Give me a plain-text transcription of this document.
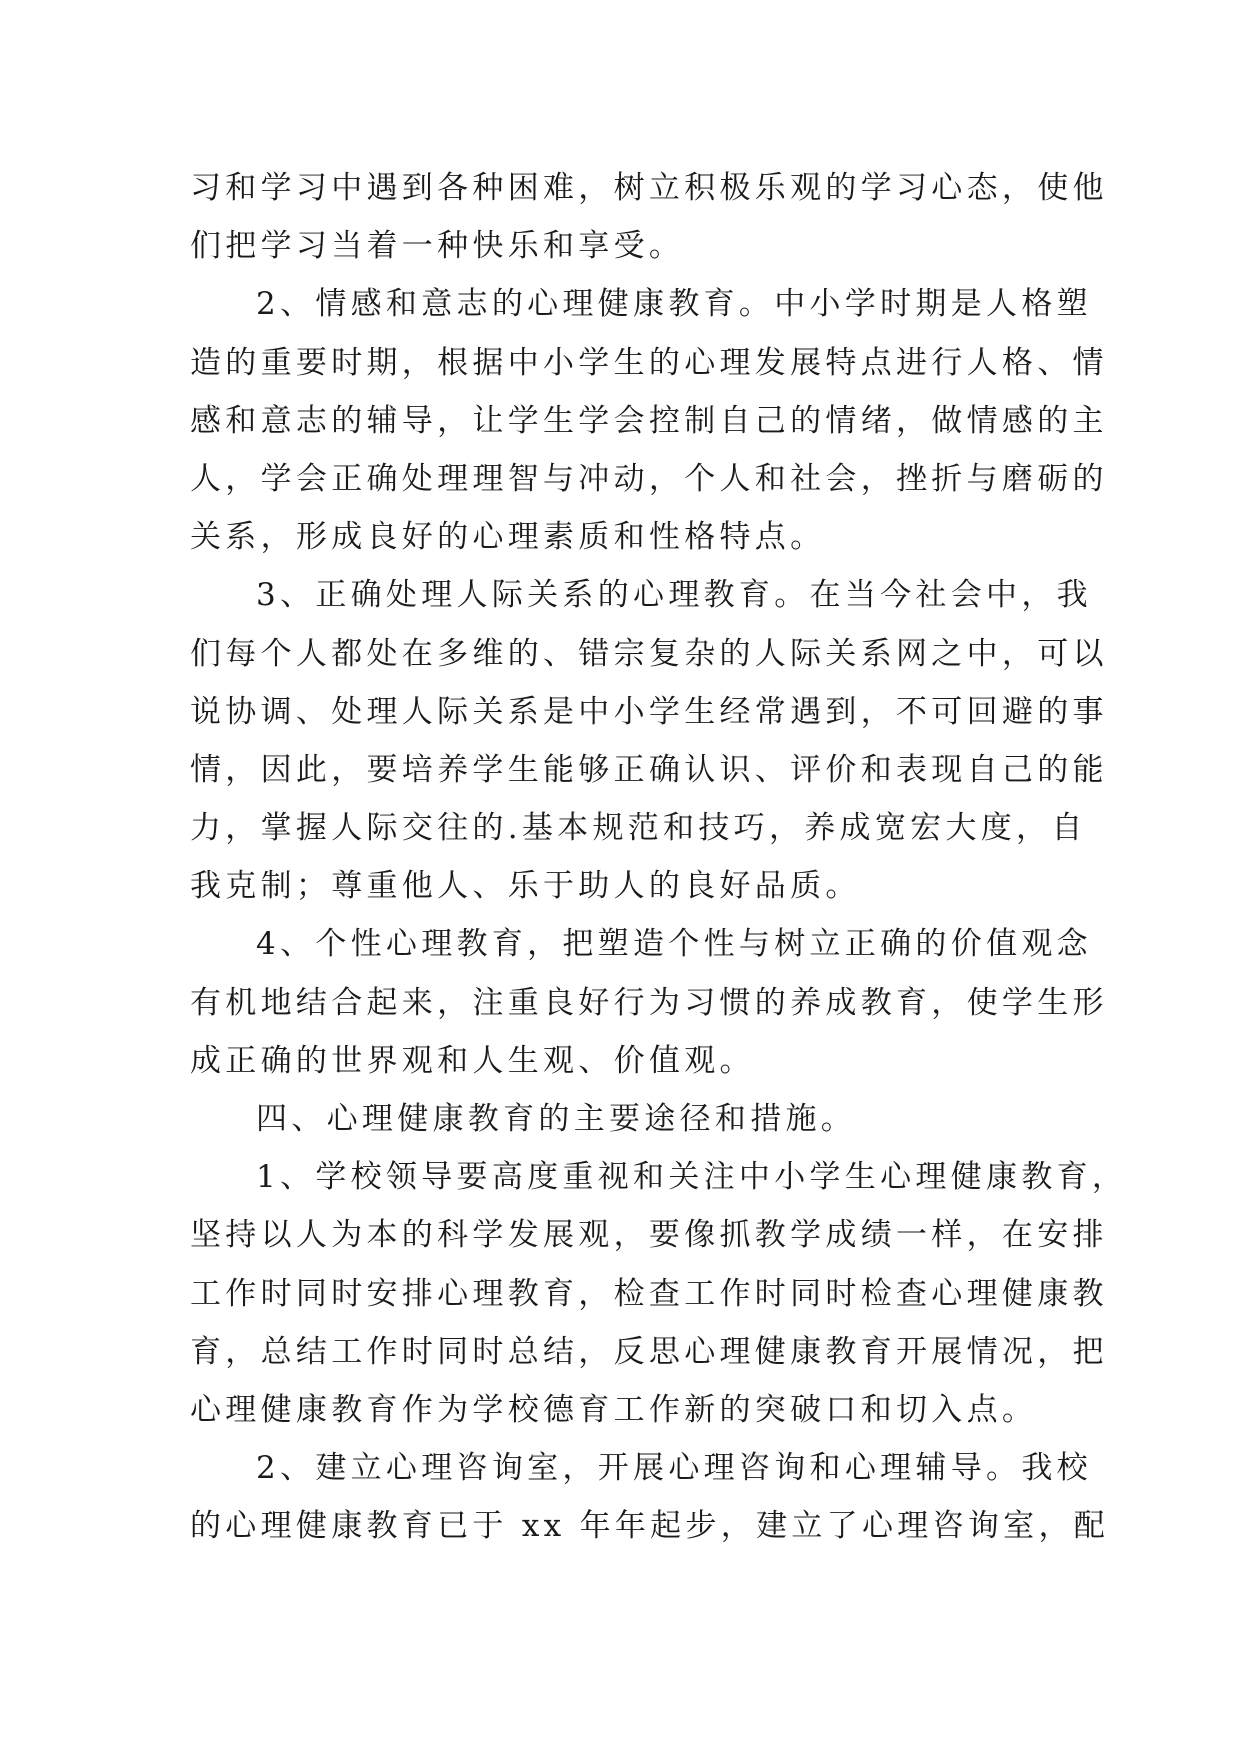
习和学习中遇到各种困难，树立积极乐观的学习心态，使他
们把学习当着一种快乐和享受。
2、情感和意志的心理健康教育。中小学时期是人格塑
造的重要时期，根据中小学生的心理发展特点进行人格、情
感和意志的辅导，让学生学会控制自己的情绪，做情感的主
人，学会正确处理理智与冲动，个人和社会，挫折与磨砺的
关系，形成良好的心理素质和性格特点。
3、正确处理人际关系的心理教育。在当今社会中，我
们每个人都处在多维的、错宗复杂的人际关系网之中，可以
说协调、处理人际关系是中小学生经常遇到，不可回避的事
情，因此，要培养学生能够正确认识、评价和表现自己的能
力，掌握人际交往的.基本规范和技巧，养成宽宏大度，自
我克制；尊重他人、乐于助人的良好品质。
4、个性心理教育，把塑造个性与树立正确的价值观念
有机地结合起来，注重良好行为习惯的养成教育，使学生形
成正确的世界观和人生观、价值观。
四、心理健康教育的主要途径和措施。
1、学校领导要高度重视和关注中小学生心理健康教育，
坚持以人为本的科学发展观，要像抓教学成绩一样，在安排
工作时同时安排心理教育，检查工作时同时检查心理健康教
育，总结工作时同时总结，反思心理健康教育开展情况，把
心理健康教育作为学校德育工作新的突破口和切入点。
2、建立心理咨询室，开展心理咨询和心理辅导。我校
的心理健康教育已于 xx 年年起步，建立了心理咨询室，配
